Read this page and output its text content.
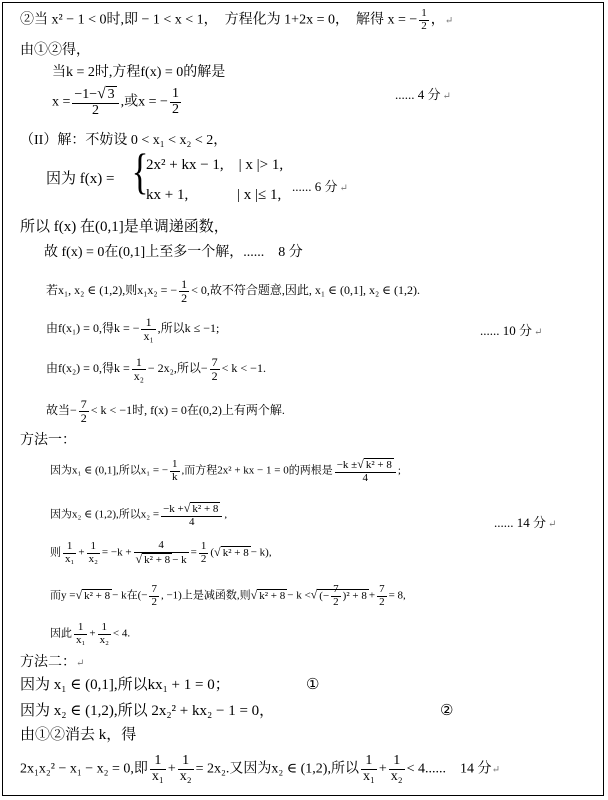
②当 x² − 1 < 0时,即 − 1 < x < 1，　方程化为 1+2x = 0，　解得 x = − $\frac{1}{2}$ ，↵
由①②得，
当k = 2时,方程f(x) = 0的解是
$x = \frac{-1-√ 3}{2}$ ,或x = − $\frac{1}{2}$	...... 4 分 ↵
（II）解：不妨设 0 < x₁ < x₂ < 2，
因为 f(x) = {
2x² + kx − 1,　| x |> 1,
kx + 1,　　　 | x |≤ 1,
...... 6 分 ↵
所以 f(x) 在(0,1]是单调递函数，
故 f(x) = 0在(0,1]上至多一个解，......　8 分
若x₁, x₂ ∈ (1,2),则x₁x₂ = − $\frac{1}{2} < 0$,故不符合题意,因此, x₁ ∈ (0,1], x₂ ∈ (1,2).
由f(x₁) = 0,得k = − $\frac{1}{\text{x₁}}$ ,所以k ≤ −1;	...... 10 分 ↵
由f(x₂) = 0,得$k = \frac{1}{\text{x₂}} - 2x_2$,所以− $\frac{7}{2} < k < -1$.
故当− $\frac{7}{2} < k < -1$时, f(x) = 0在(0,2)上有两个解.
方法一：
因为x₁ ∈ (0,1],所以x₁ = − $\frac{1}{k}$ ,而方程2x² + kx − 1 = 0的两根是 $\frac{\text{−k ±√ k² + 8}}{4}$ ;
因为x₂ ∈ (1,2),所以$x_2 = \frac{\text{−k +√ k² + 8}}{4}$ ,
...... 14 分 ↵
则 $\frac{1}{\text{x₁}} + \frac{1}{\text{x₂}} = -k + \frac{4}{\text{√ k² + 8 − k}} = \frac{1}{2}$ (√ k² + 8 − k),
而y =√ k² + 8 − k在(− $\frac{7}{2}$ , −1)上是减函数,则√ k² + 8 − k <√ (− $\frac{7}{2} )^2 + 8 + \frac{7}{2} = 8$,
因此 $\frac{1}{\text{x₁}} + \frac{1}{\text{x₂}} < 4$.
方法二：↵
因为 x₁ ∈ (0,1],所以kx₁ + 1 = 0；	①
因为 x₂ ∈ (1,2),所以 2x₂² + kx₂ − 1 = 0，	②
由①②消去 k，得
2x₁x₂² − x₁ − x₂ = 0,即 $\frac{1}{\text{x₁}} + \frac{1}{\text{x₂}} = 2x_2$.又因为x₂ ∈ (1,2),所以 $\frac{1}{\text{x₁}} + \frac{1}{\text{x₂}} < 4$......　14 分↵
